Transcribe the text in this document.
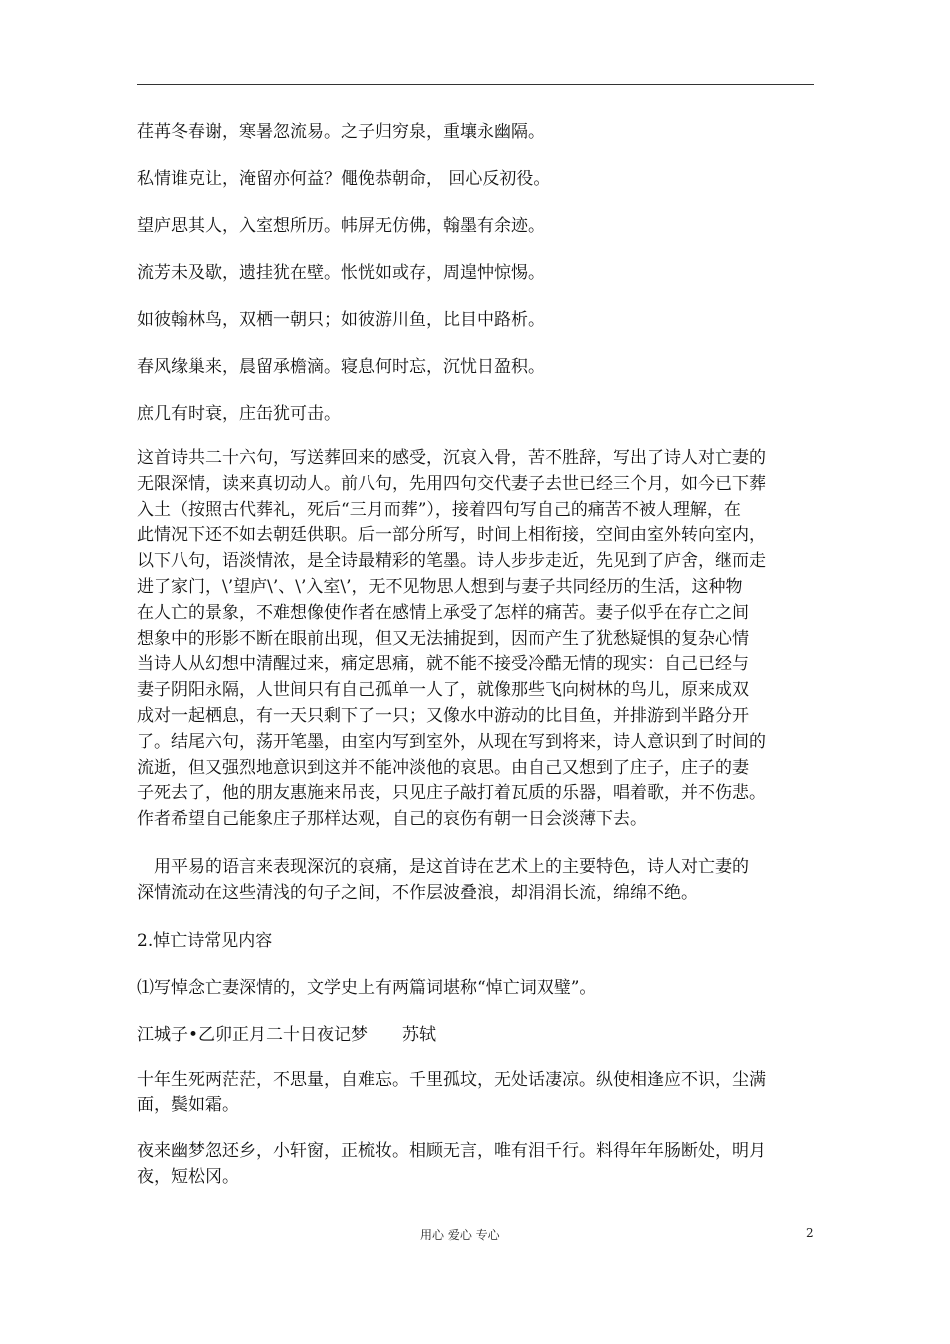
荏苒冬春谢，寒暑忽流易。之子归穷泉，重壤永幽隔。
私情谁克让，淹留亦何益？僶俛恭朝命， 回心反初役。
望庐思其人，入室想所历。帏屏无仿佛，翰墨有余迹。
流芳未及歇，遗挂犹在壁。怅恍如或存，周遑忡惊惕。
如彼翰林鸟，双栖一朝只；如彼游川鱼，比目中路析。
春风缘巢来，晨留承檐滴。寝息何时忘，沉忧日盈积。
庶几有时衰，庄缶犹可击。

这首诗共二十六句，写送葬回来的感受，沉哀入骨，苦不胜辞，写出了诗人对亡妻的

无限深情，读来真切动人。前八句，先用四句交代妻子去世已经三个月，如今已下葬

入土（按照古代葬礼，死后“三月而葬”），接着四句写自己的痛苦不被人理解，在

此情况下还不如去朝廷供职。后一部分所写，时间上相衔接，空间由室外转向室内，

以下八句，语淡情浓，是全诗最精彩的笔墨。诗人步步走近，先见到了庐舍，继而走

进了家门，\’望庐\’、\’入室\’，无不见物思人想到与妻子共同经历的生活，这种物

在人亡的景象，不难想像使作者在感情上承受了怎样的痛苦。妻子似乎在存亡之间

想象中的形影不断在眼前出现，但又无法捕捉到，因而产生了犹愁疑惧的复杂心情

当诗人从幻想中清醒过来，痛定思痛，就不能不接受冷酷无情的现实：自己已经与

妻子阴阳永隔，人世间只有自己孤单一人了，就像那些飞向树林的鸟儿，原来成双

成对一起栖息，有一天只剩下了一只；又像水中游动的比目鱼，并排游到半路分开

了。结尾六句，荡开笔墨，由室内写到室外，从现在写到将来，诗人意识到了时间的

流逝，但又强烈地意识到这并不能冲淡他的哀思。由自己又想到了庄子，庄子的妻

子死去了，他的朋友惠施来吊丧，只见庄子敲打着瓦质的乐器，唱着歌，并不伤悲。

作者希望自己能象庄子那样达观，自己的哀伤有朝一日会淡薄下去。

　用平易的语言来表现深沉的哀痛，是这首诗在艺术上的主要特色，诗人对亡妻的

深情流动在这些清浅的句子之间，不作层波叠浪，却涓涓长流，绵绵不绝。

2.悼亡诗常见内容
⑴写悼念亡妻深情的，文学史上有两篇词堪称“悼亡词双璧”。
江城子•乙卯正月二十日夜记梦　　苏轼

十年生死两茫茫，不思量，自难忘。千里孤坟，无处话凄凉。纵使相逢应不识，尘满

面，鬓如霜。

夜来幽梦忽还乡，小轩窗，正梳妆。相顾无言，唯有泪千行。料得年年肠断处，明月

夜，短松冈。

用心 爱心 专心	2
